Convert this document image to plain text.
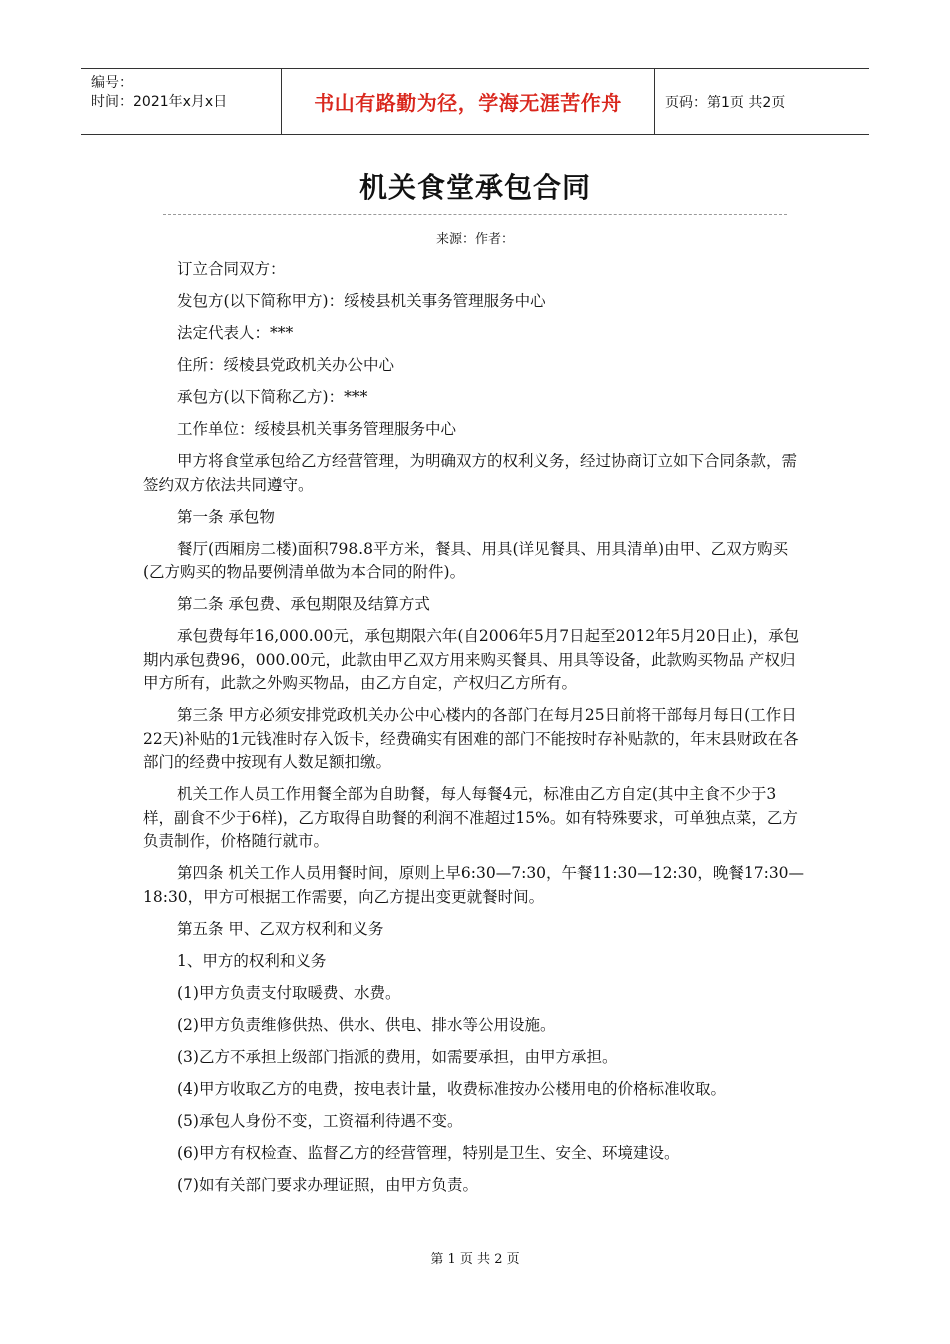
编号：
时间：2021年x月x日	书山有路勤为径，学海无涯苦作舟	页码：第1页 共2页
机关食堂承包合同
来源：作者：

订立合同双方：

发包方(以下简称甲方)：绥棱县机关事务管理服务中心

法定代表人：***

住所：绥棱县党政机关办公中心

承包方(以下简称乙方)：***

工作单位：绥棱县机关事务管理服务中心

甲方将食堂承包给乙方经营管理，为明确双方的权利义务，经过协商订立如下合同条款，需签约双方依法共同遵守。

第一条 承包物

餐厅(西厢房二楼)面积798.8平方米，餐具、用具(详见餐具、用具清单)由甲、乙双方购买(乙方购买的物品要例清单做为本合同的附件)。

第二条 承包费、承包期限及结算方式

承包费每年16,000.00元，承包期限六年(自2006年5月7日起至2012年5月20日止)，承包期内承包费96，000.00元，此款由甲乙双方用来购买餐具、用具等设备，此款购买物品 产权归甲方所有，此款之外购买物品，由乙方自定，产权归乙方所有。

第三条 甲方必须安排党政机关办公中心楼内的各部门在每月25日前将干部每月每日(工作日22天)补贴的1元钱准时存入饭卡，经费确实有困难的部门不能按时存补贴款的，年末县财政在各部门的经费中按现有人数足额扣缴。

机关工作人员工作用餐全部为自助餐，每人每餐4元，标准由乙方自定(其中主食不少于3样，副食不少于6样)，乙方取得自助餐的利润不准超过15%。如有特殊要求，可单独点菜，乙方负责制作，价格随行就市。

第四条 机关工作人员用餐时间，原则上早6:30—7:30，午餐11:30—12:30，晚餐17:30—18:30，甲方可根据工作需要，向乙方提出变更就餐时间。

第五条 甲、乙双方权利和义务

1、甲方的权利和义务

(1)甲方负责支付取暖费、水费。

(2)甲方负责维修供热、供水、供电、排水等公用设施。

(3)乙方不承担上级部门指派的费用，如需要承担，由甲方承担。

(4)甲方收取乙方的电费，按电表计量，收费标准按办公楼用电的价格标准收取。

(5)承包人身份不变，工资福利待遇不变。

(6)甲方有权检查、监督乙方的经营管理，特别是卫生、安全、环境建设。

(7)如有关部门要求办理证照，由甲方负责。

第 1 页 共 2 页
